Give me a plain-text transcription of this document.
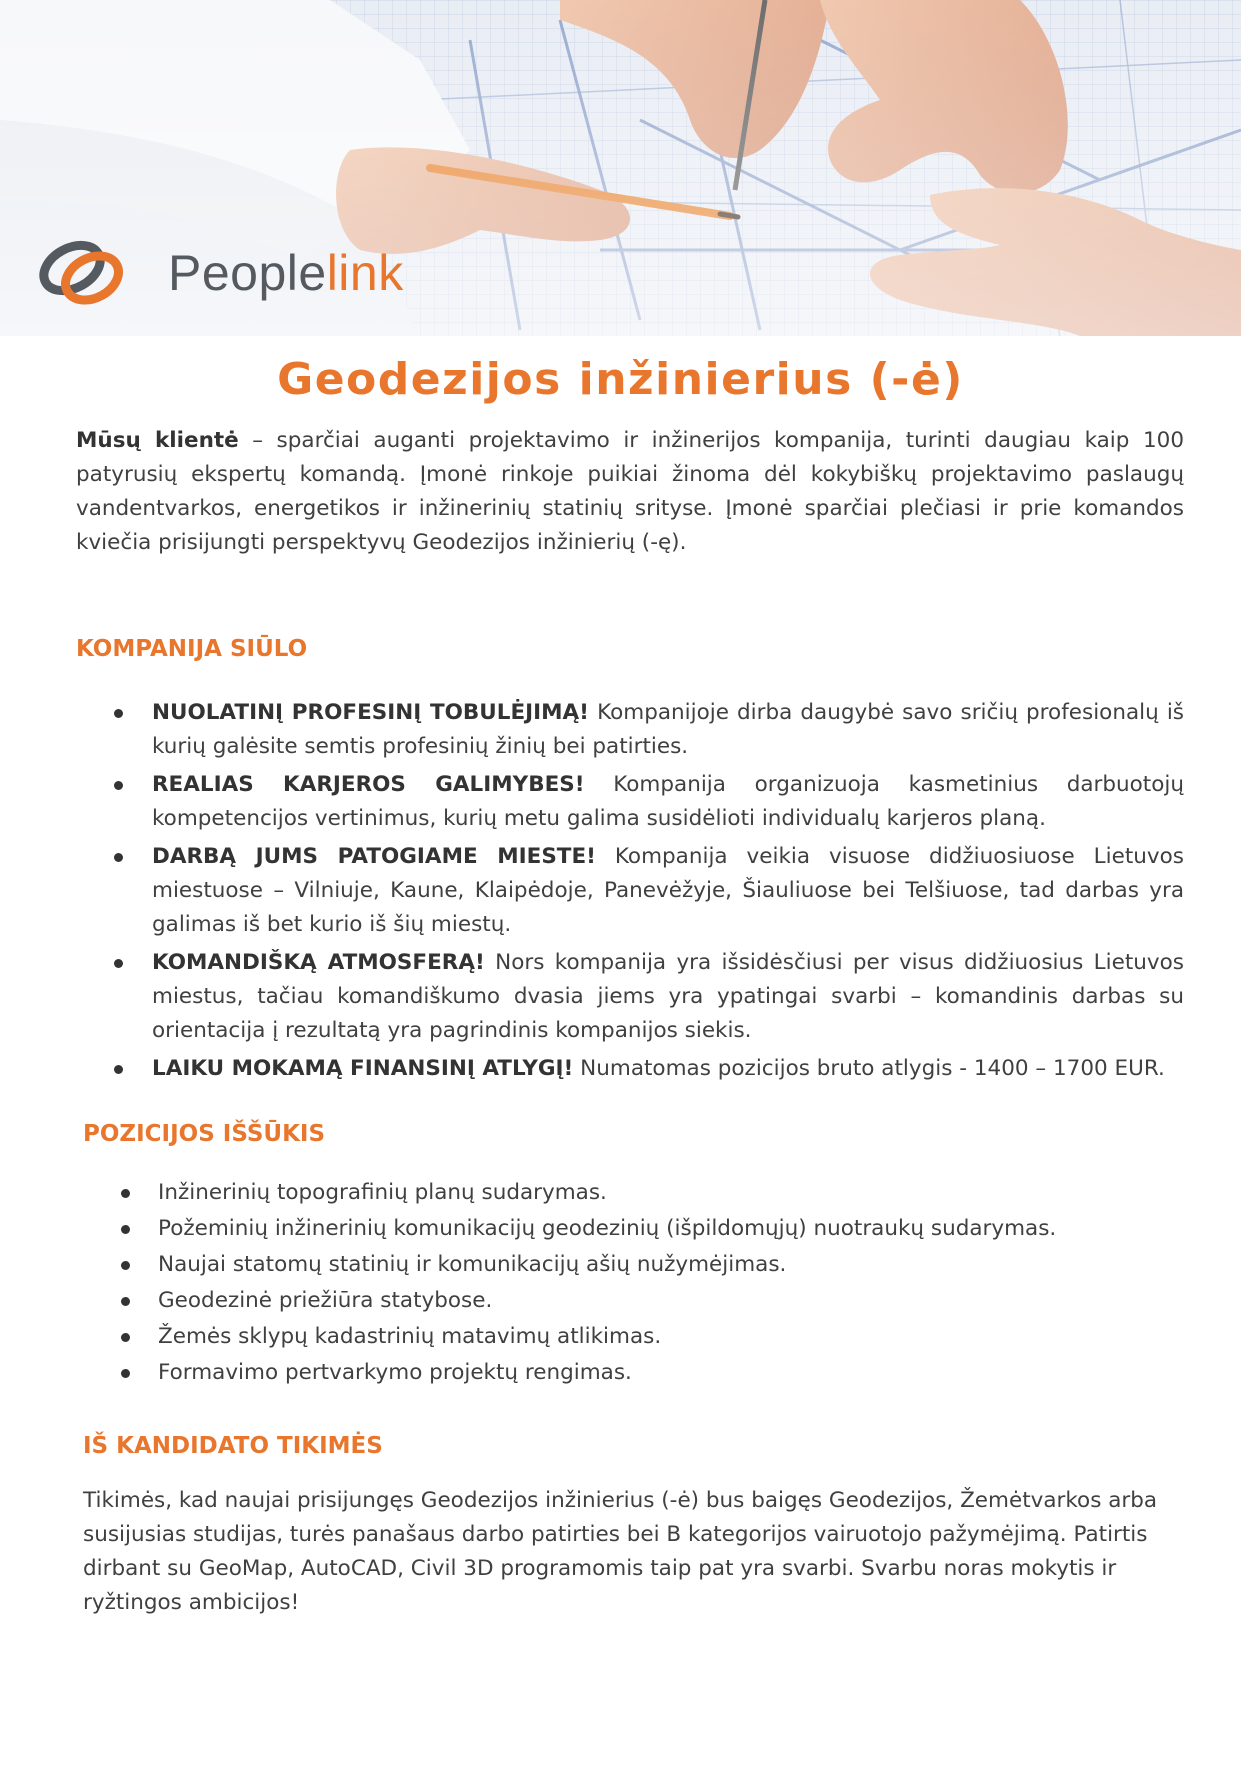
Peoplelink
Geodezijos inžinierius (-ė)
Mūsų klientė – sparčiai auganti projektavimo ir inžinerijos kompanija, turinti daugiau kaip 100 patyrusių ekspertų komandą. Įmonė rinkoje puikiai žinoma dėl kokybiškų projektavimo paslaugų vandentvarkos, energetikos ir inžinerinių statinių srityse. Įmonė sparčiai plečiasi ir prie komandos kviečia prisijungti perspektyvų Geodezijos inžinierių (-ę).
KOMPANIJA SIŪLO
NUOLATINĮ PROFESINĮ TOBULĖJIMĄ! Kompanijoje dirba daugybė savo sričių profesionalų iš kurių galėsite semtis profesinių žinių bei patirties.
REALIAS KARJEROS GALIMYBES! Kompanija organizuoja kasmetinius darbuotojų kompetencijos vertinimus, kurių metu galima susidėlioti individualų karjeros planą.
DARBĄ JUMS PATOGIAME MIESTE! Kompanija veikia visuose didžiuosiuose Lietuvos miestuose – Vilniuje, Kaune, Klaipėdoje, Panevėžyje, Šiauliuose bei Telšiuose, tad darbas yra galimas iš bet kurio iš šių miestų.
KOMANDIŠKĄ ATMOSFERĄ! Nors kompanija yra išsidėsčiusi per visus didžiuosius Lietuvos miestus, tačiau komandiškumo dvasia jiems yra ypatingai svarbi – komandinis darbas su orientacija į rezultatą yra pagrindinis kompanijos siekis.
LAIKU MOKAMĄ FINANSINĮ ATLYGĮ! Numatomas pozicijos bruto atlygis - 1400 – 1700 EUR.
POZICIJOS IŠŠŪKIS
Inžinerinių topografinių planų sudarymas.
Požeminių inžinerinių komunikacijų geodezinių (išpildomųjų) nuotraukų sudarymas.
Naujai statomų statinių ir komunikacijų ašių nužymėjimas.
Geodezinė priežiūra statybose.
Žemės sklypų kadastrinių matavimų atlikimas.
Formavimo pertvarkymo projektų rengimas.
IŠ KANDIDATO TIKIMĖS
Tikimės, kad naujai prisijungęs Geodezijos inžinierius (-ė) bus baigęs Geodezijos, Žemėtvarkos arba susijusias studijas, turės panašaus darbo patirties bei B kategorijos vairuotojo pažymėjimą. Patirtis dirbant su GeoMap, AutoCAD, Civil 3D programomis taip pat yra svarbi. Svarbu noras mokytis ir ryžtingos ambicijos!
